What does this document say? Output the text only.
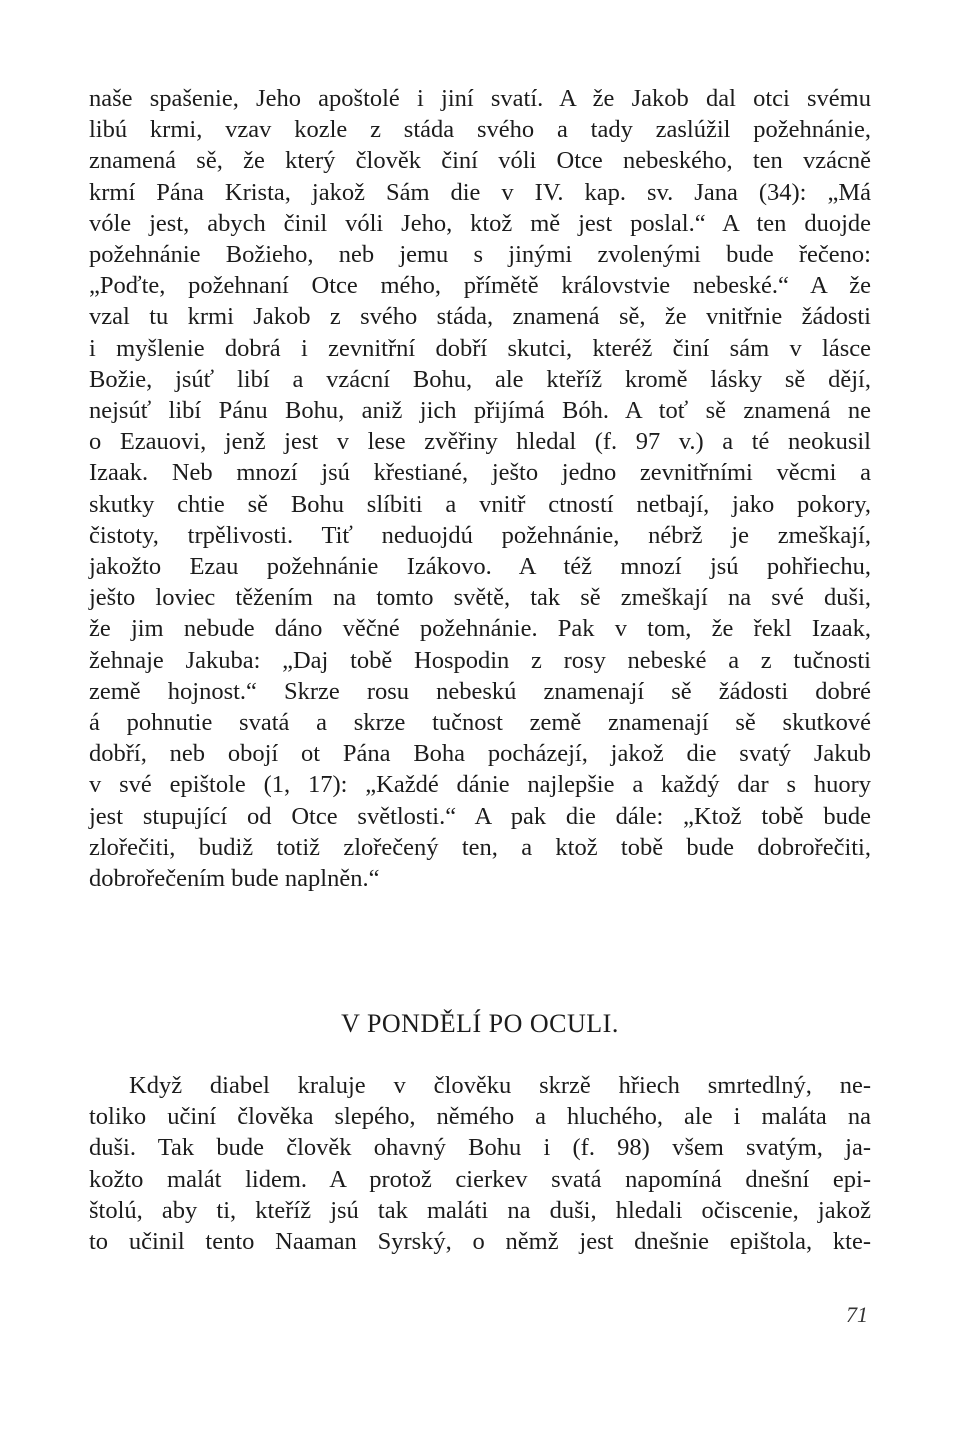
naše spašenie, Jeho apoštolé i jiní svatí. A že Jakob dal otci svému
libú krmi, vzav kozle z stáda svého a tady zaslúžil požehnánie,
znamená sě, že který člověk činí vóli Otce nebeského, ten vzácně
krmí Pána Krista, jakož Sám die v IV. kap. sv. Jana (34): „Má
vóle jest, abych činil vóli Jeho, ktož mě jest poslal.“ A ten duojde
požehnánie Božieho, neb jemu s jinými zvolenými bude řečeno:
„Poďte, požehnaní Otce mého, přímětě královstvie nebeské.“ A že
vzal tu krmi Jakob z svého stáda, znamená sě, že vnitřnie žádosti
i myšlenie dobrá i zevnitřní dobří skutci, kteréž činí sám v lásce
Božie, jsúť libí a vzácní Bohu, ale kteříž kromě lásky sě dějí,
nejsúť libí Pánu Bohu, aniž jich přijímá Bóh. A toť sě znamená ne
o Ezauovi, jenž jest v lese zvěřiny hledal (f. 97 v.) a té neokusil
Izaak. Neb mnozí jsú křestiané, ješto jedno zevnitřními věcmi a
skutky chtie sě Bohu slíbiti a vnitř ctností netbají, jako pokory,
čistoty, trpělivosti. Tiť neduojdú požehnánie, nébrž je zmeškají,
jakožto Ezau požehnánie Izákovo. A též mnozí jsú pohřiechu,
ješto loviec těžením na tomto světě, tak sě zmeškají na své duši,
že jim nebude dáno věčné požehnánie. Pak v tom, že řekl Izaak,
žehnaje Jakuba: „Daj tobě Hospodin z rosy nebeské a z tučnosti
země hojnost.“ Skrze rosu nebeskú znamenají sě žádosti dobré
á pohnutie svatá a skrze tučnost země znamenají sě skutkové
dobří, neb obojí ot Pána Boha pocházejí, jakož die svatý Jakub
v své epištole (1, 17): „Každé dánie najlepšie a každý dar s huory
jest stupující od Otce světlosti.“ A pak die dále: „Ktož tobě bude
zlořečiti, budiž totiž zlořečený ten, a ktož tobě bude dobrořečiti,
dobrořečením bude naplněn.“
V PONDĚLÍ PO OCULI.
Když diabel kraluje v člověku skrzě hřiech smrtedlný, ne-
toliko učiní člověka slepého, němého a hluchého, ale i maláta na
duši. Tak bude člověk ohavný Bohu i (f. 98) všem svatým, ja-
kožto malát lidem. A protož cierkev svatá napomíná dnešní epi-
štolú, aby ti, kteříž jsú tak maláti na duši, hledali očiscenie, jakož
to učinil tento Naaman Syrský, o němž jest dnešnie epištola, kte-
71
